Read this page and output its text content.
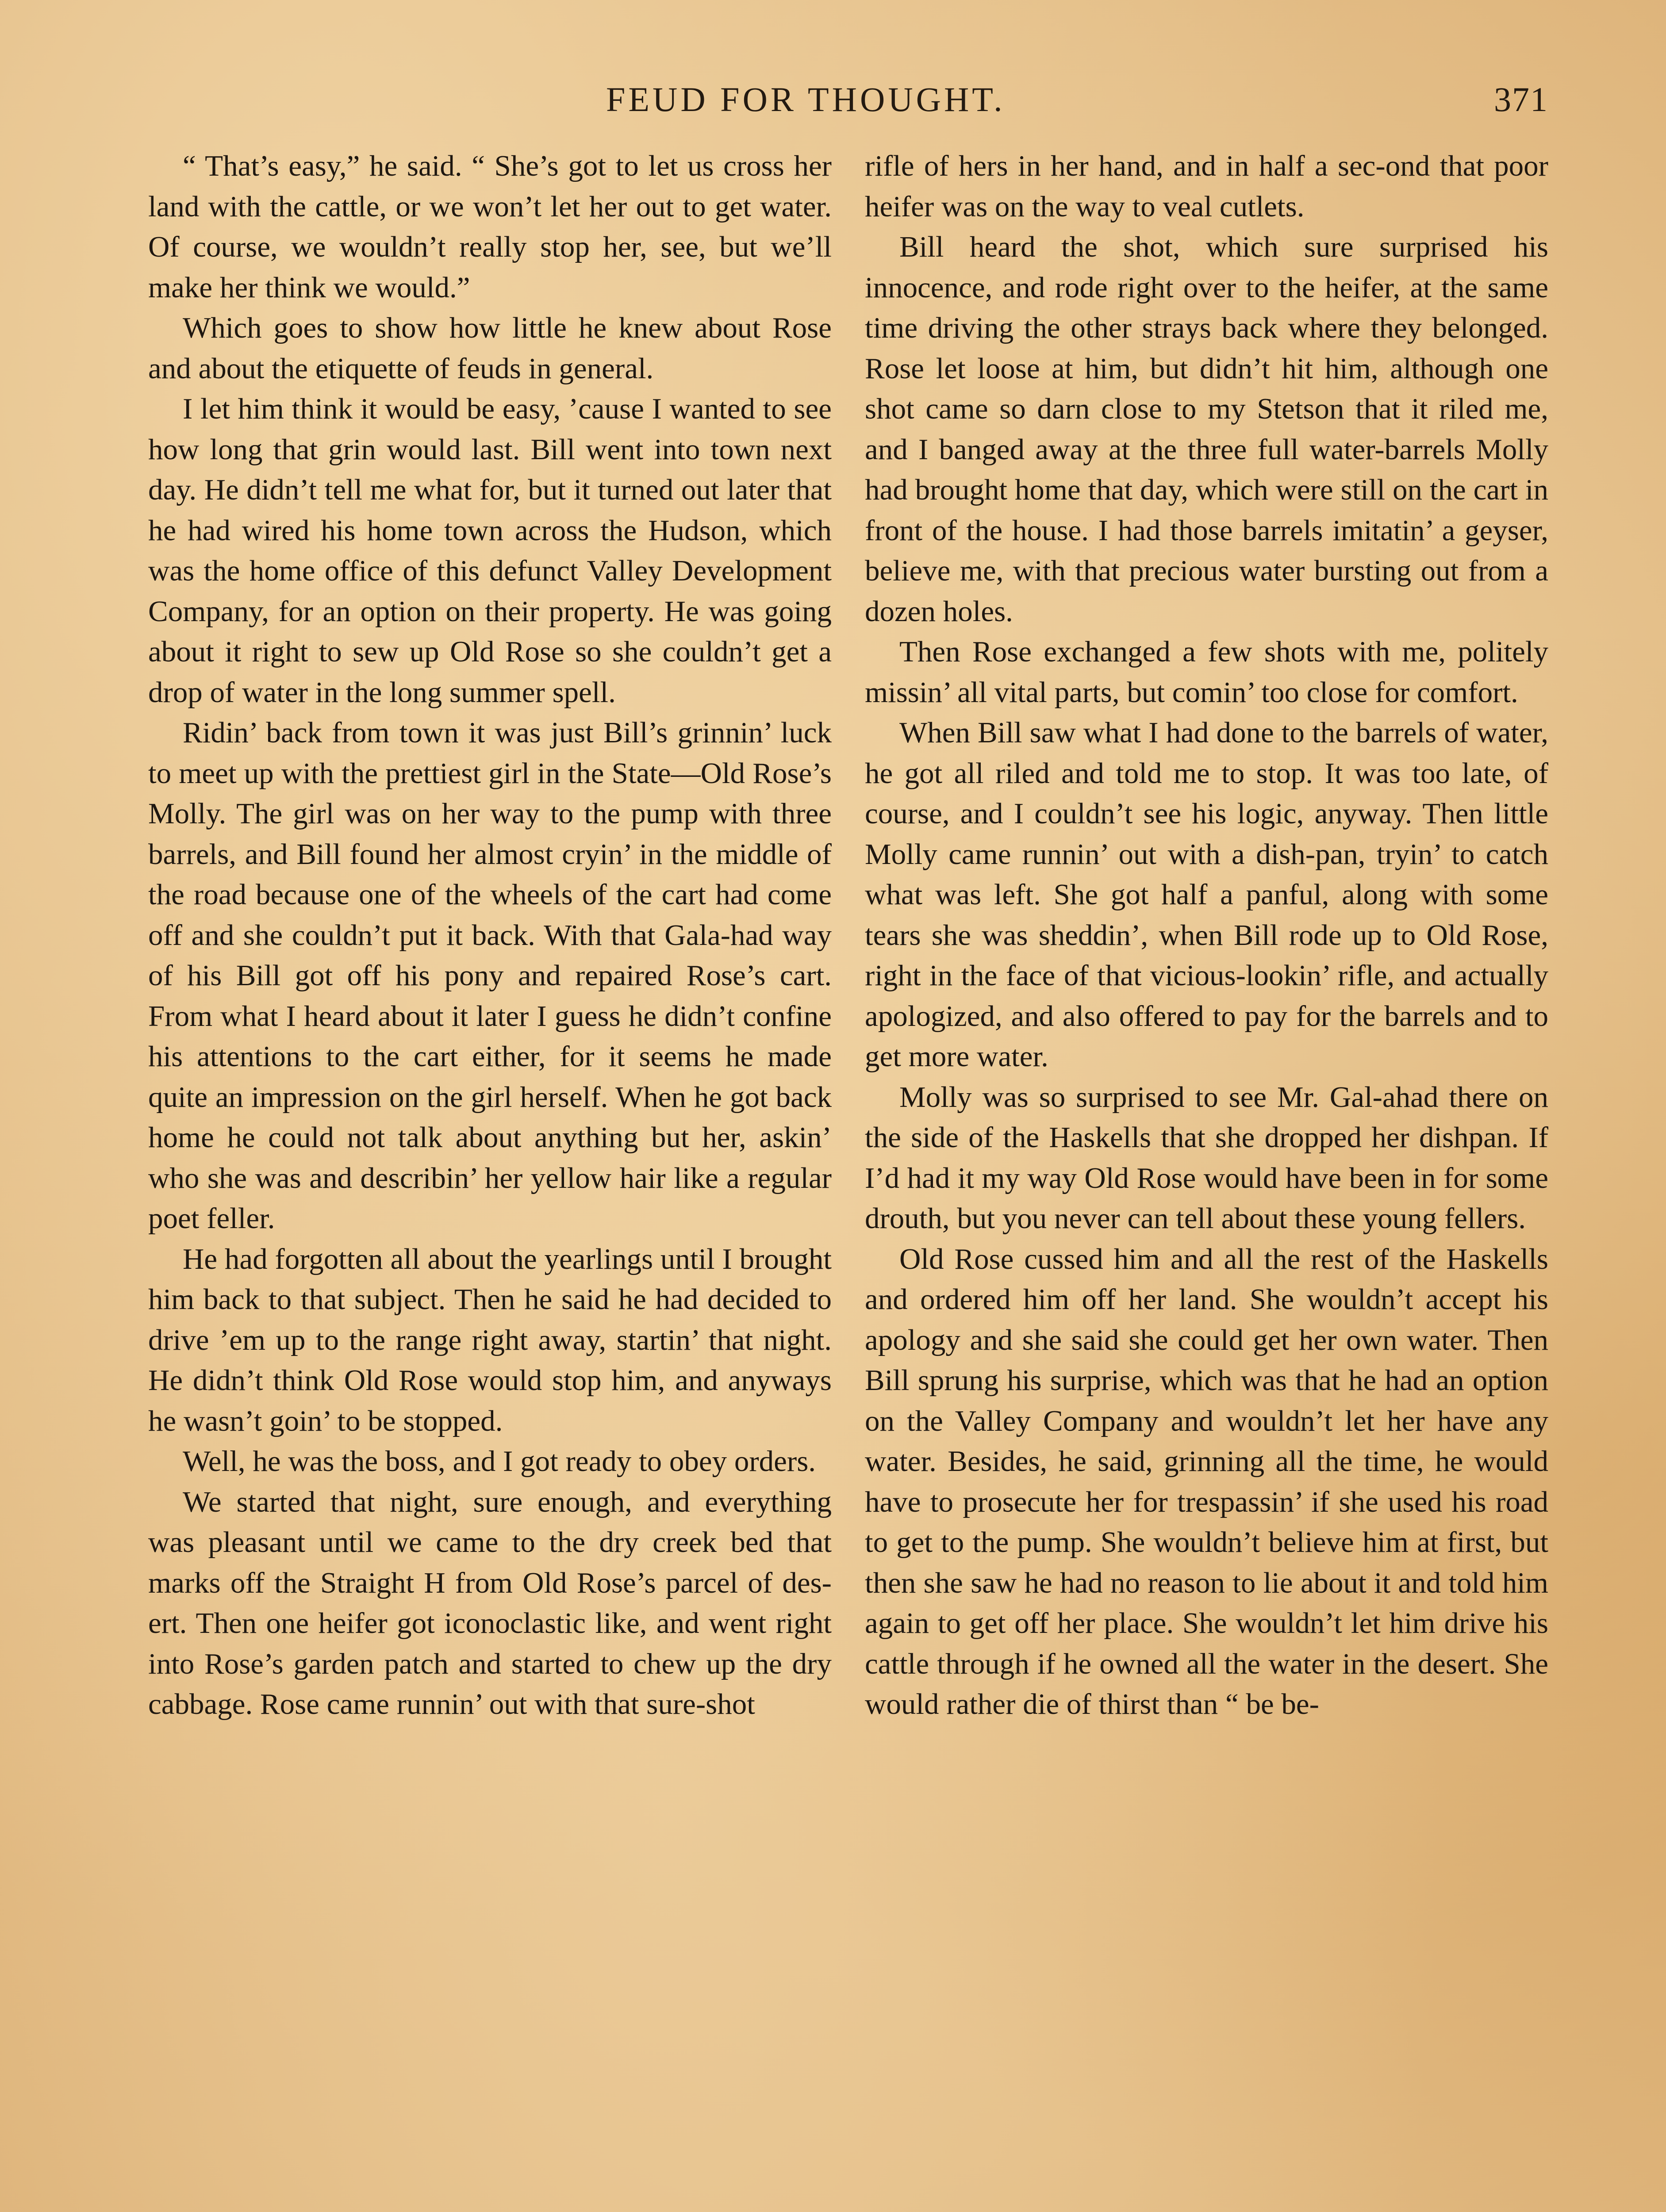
FEUD FOR THOUGHT.	371

“ That’s easy,” he said. “ She’s got to let us cross her land with the cattle, or we won’t let her out to get water. Of course, we wouldn’t really stop her, see, but we’ll make her think we would.”

Which goes to show how little he knew about Rose and about the etiquette of feuds in general.

I let him think it would be easy, ’cause I wanted to see how long that grin would last. Bill went into town next day. He didn’t tell me what for, but it turned out later that he had wired his home town across the Hudson, which was the home office of this defunct Valley Development Company, for an option on their property. He was going about it right to sew up Old Rose so she couldn’t get a drop of water in the long summer spell.

Ridin’ back from town it was just Bill’s grinnin’ luck to meet up with the prettiest girl in the State—Old Rose’s Molly. The girl was on her way to the pump with three barrels, and Bill found her almost cryin’ in the middle of the road because one of the wheels of the cart had come off and she couldn’t put it back. With that Gala-had way of his Bill got off his pony and repaired Rose’s cart. From what I heard about it later I guess he didn’t confine his attentions to the cart either, for it seems he made quite an impression on the girl herself. When he got back home he could not talk about anything but her, askin’ who she was and describin’ her yellow hair like a regular poet feller.

He had forgotten all about the yearlings until I brought him back to that subject. Then he said he had decided to drive ’em up to the range right away, startin’ that night. He didn’t think Old Rose would stop him, and anyways he wasn’t goin’ to be stopped.

Well, he was the boss, and I got ready to obey orders.

We started that night, sure enough, and everything was pleasant until we came to the dry creek bed that marks off the Straight H from Old Rose’s parcel of des-ert. Then one heifer got iconoclastic like, and went right into Rose’s garden patch and started to chew up the dry cabbage. Rose came runnin’ out with that sure-shot

rifle of hers in her hand, and in half a sec-ond that poor heifer was on the way to veal cutlets.

Bill heard the shot, which sure surprised his innocence, and rode right over to the heifer, at the same time driving the other strays back where they belonged. Rose let loose at him, but didn’t hit him, although one shot came so darn close to my Stetson that it riled me, and I banged away at the three full water-barrels Molly had brought home that day, which were still on the cart in front of the house. I had those barrels imitatin’ a geyser, believe me, with that precious water bursting out from a dozen holes.

Then Rose exchanged a few shots with me, politely missin’ all vital parts, but comin’ too close for comfort.

When Bill saw what I had done to the barrels of water, he got all riled and told me to stop. It was too late, of course, and I couldn’t see his logic, anyway. Then little Molly came runnin’ out with a dish-pan, tryin’ to catch what was left. She got half a panful, along with some tears she was sheddin’, when Bill rode up to Old Rose, right in the face of that vicious-lookin’ rifle, and actually apologized, and also offered to pay for the barrels and to get more water.

Molly was so surprised to see Mr. Gal-ahad there on the side of the Haskells that she dropped her dishpan. If I’d had it my way Old Rose would have been in for some drouth, but you never can tell about these young fellers.

Old Rose cussed him and all the rest of the Haskells and ordered him off her land. She wouldn’t accept his apology and she said she could get her own water. Then Bill sprung his surprise, which was that he had an option on the Valley Company and wouldn’t let her have any water. Besides, he said, grinning all the time, he would have to prosecute her for trespassin’ if she used his road to get to the pump. She wouldn’t believe him at first, but then she saw he had no reason to lie about it and told him again to get off her place. She wouldn’t let him drive his cattle through if he owned all the water in the desert. She would rather die of thirst than “ be be-
